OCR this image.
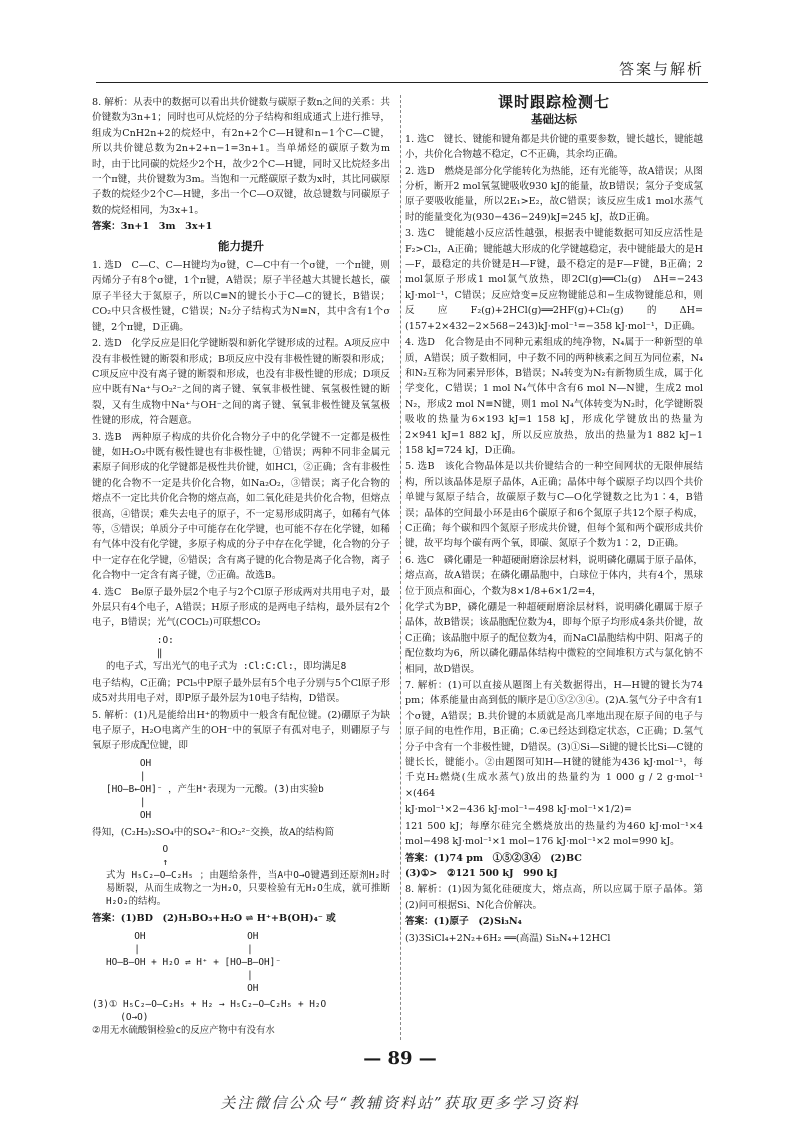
答案与解析

8. 解析：从表中的数据可以看出共价键数与碳原子数n之间的关系：共价键数为3n+1；同时也可从烷烃的分子结构和组成通式上进行推导，组成为CnH2n+2的烷烃中，有2n+2个C—H键和n−1个C—C键，所以共价键总数为2n+2+n−1=3n+1。当单烯烃的碳原子数为m时，由于比同碳的烷烃少2个H，故少2个C—H键，同时又比烷烃多出一个π键，共价键数为3m。当饱和一元醛碳原子数为x时，其比同碳原子数的烷烃少2个C—H键，多出一个C—O双键，故总键数与同碳原子数的烷烃相同，为3x+1。

答案：3n+1　3m　3x+1

能力提升

1. 选D　C—C、C—H键均为σ键，C—C中有一个σ键，一个π键，则丙烯分子有8个σ键，1个π键，A错误；原子半径越大其键长越长，碳原子半径大于氮原子，所以C≡N的键长小于C—C的键长，B错误；CO₂中只含极性键，C错误；N₂分子结构式为N≡N，其中含有1个σ键，2个π键，D正确。

2. 选D　化学反应是旧化学键断裂和新化学键形成的过程。A项反应中没有非极性键的断裂和形成；B项反应中没有非极性键的断裂和形成；C项反应中没有离子键的断裂和形成，也没有非极性键的形成；D项反应中既有Na⁺与O₂²⁻之间的离子键、氧氧非极性键、氧氢极性键的断裂，又有生成物中Na⁺与OH⁻之间的离子键、氧氧非极性键及氧氢极性键的形成，符合题意。

3. 选B　两种原子构成的共价化合物分子中的化学键不一定都是极性键，如H₂O₂中既有极性键也有非极性键，①错误；两种不同非金属元素原子间形成的化学键都是极性共价键，如HCl，②正确；含有非极性键的化合物不一定是共价化合物，如Na₂O₂，③错误；离子化合物的熔点不一定比共价化合物的熔点高，如二氧化硅是共价化合物，但熔点很高，④错误；难失去电子的原子，不一定易形成阴离子，如稀有气体等，⑤错误；单质分子中可能存在化学键，也可能不存在化学键，如稀有气体中没有化学键，多原子构成的分子中存在化学键，化合物的分子中一定存在化学键，⑥错误；含有离子键的化合物是离子化合物，离子化合物中一定含有离子键，⑦正确。故选B。

4. 选C　Be原子最外层2个电子与2个Cl原子形成两对共用电子对，最外层只有4个电子，A错误；H原子形成的是两电子结构，最外层有2个电子，B错误；光气(COCl₂)可联想CO₂

:O:
‖
的电子式，写出光气的电子式为 :Cl:C:Cl:，即均满足8

电子结构，C正确；PCl₅中P原子最外层有5个电子分别与5个Cl原子形成5对共用电子对，即P原子最外层为10电子结构，D错误。

5. 解析：(1)凡是能给出H⁺的物质中一般含有配位键。(2)硼原子为缺电子原子，H₂O电离产生的OH⁻中的氧原子有孤对电子，则硼原子与氧原子形成配位键，即

OH
|
[HO—B←OH]⁻ ，产生H⁺表现为一元酸。(3)由实验b
|
OH

得知，(C₂H₅)₂SO₄中的SO₄²⁻和O₂²⁻交换，故A的结构简

O
↑
式为 H₅C₂—O—C₂H₅ ；由题给条件，当A中O→O键遇到还原剂H₂时易断裂，从而生成物之一为H₂O，只要检验有无H₂O生成，就可推断H₂O₂的结构。

答案：(1)BD　(2)H₃BO₃+H₂O ⇌ H⁺+B(OH)₄⁻ 或

OH                  OH
|                   |
HO—B—OH + H₂O ⇌ H⁺ + [HO—B—OH]⁻
|
OH
(3)① H₅C₂—O—C₂H₅ + H₂ → H₅C₂—O—C₂H₅ + H₂O
(O→O)
②用无水硫酸铜检验c的反应产物中有没有水
课时跟踪检测七
基础达标

1. 选C　键长、键能和键角都是共价键的重要参数，键长越长，键能越小，共价化合物越不稳定，C不正确，其余均正确。

2. 选D　燃烧是部分化学能转化为热能，还有光能等，故A错误；从图分析，断开2 mol氧氢键吸收930 kJ的能量，故B错误；氢分子变成氢原子要吸收能量，所以2E₁>E₂，故C错误；该反应生成1 mol水蒸气时的能量变化为(930−436−249)kJ=245 kJ，故D正确。

3. 选C　键能越小反应活性越强，根据表中键能数据可知反应活性是F₂>Cl₂，A正确；键能越大形成的化学键越稳定，表中键能最大的是H—F，最稳定的共价键是H—F键，最不稳定的是F—F键，B正确；2 mol氯原子形成1 mol氯气放热，即2Cl(g)══Cl₂(g)　ΔH=−243 kJ·mol⁻¹，C错误；反应焓变=反应物键能总和−生成物键能总和，则反应F₂(g)+2HCl(g)══2HF(g)+Cl₂(g)的ΔH=(157+2×432−2×568−243)kJ·mol⁻¹=−358 kJ·mol⁻¹，D正确。

4. 选D　化合物是由不同种元素组成的纯净物，N₄属于一种新型的单质，A错误；质子数相同，中子数不同的两种核素之间互为同位素，N₄和N₂互称为同素异形体，B错误；N₄转变为N₂有新物质生成，属于化学变化，C错误；1 mol N₄气体中含有6 mol N—N键，生成2 mol N₂，形成2 mol N≡N键，则1 mol N₄气体转变为N₂时，化学键断裂吸收的热量为6×193 kJ=1 158 kJ，形成化学键放出的热量为2×941 kJ=1 882 kJ，所以反应放热，放出的热量为1 882 kJ−1 158 kJ=724 kJ，D正确。

5. 选B　该化合物晶体是以共价键结合的一种空间网状的无限伸展结构，所以该晶体是原子晶体，A正确；晶体中每个碳原子均以四个共价单键与氮原子结合，故碳原子数与C—O化学键数之比为1∶4，B错误；晶体的空间最小环是由6个碳原子和6个氮原子共12个原子构成，C正确；每个碳和四个氮原子形成共价键，但每个氮和两个碳形成共价键，故平均每个碳有两个氧，即碳、氮原子个数为1∶2，D正确。

6. 选C　磷化硼是一种超硬耐磨涂层材料，说明磷化硼属于原子晶体，熔点高，故A错误；在磷化硼晶胞中，白球位于体内，共有4个，黑球位于顶点和面心，个数为8×1/8+6×1/2=4，

化学式为BP，磷化硼是一种超硬耐磨涂层材料，说明磷化硼属于原子晶体，故B错误；该晶胞配位数为4，即每个原子均形成4条共价键，故C正确；该晶胞中原子的配位数为4，而NaCl晶胞结构中阴、阳离子的配位数均为6，所以磷化硼晶体结构中微粒的空间堆积方式与氯化钠不相同，故D错误。

7. 解析：(1)可以直接从题图上有关数据得出，H—H键的键长为74 pm；体系能量由高到低的顺序是①⑤②③④。(2)A.氢气分子中含有1个σ键，A错误；B.共价键的本质就是高几率地出现在原子间的电子与原子间的电性作用，B正确；C.④已经达到稳定状态，C正确；D.氢气分子中含有一个非极性键，D错误。(3)①Si—Si键的键长比Si—C键的键长长，键能小。②由题图可知H—H键的键能为436 kJ·mol⁻¹，每千克H₂燃烧(生成水蒸气)放出的热量约为 1 000 g / 2 g·mol⁻¹ ×(464

kJ·mol⁻¹×2−436 kJ·mol⁻¹−498 kJ·mol⁻¹×1/2)=

121 500 kJ；每摩尔硅完全燃烧放出的热量约为460 kJ·mol⁻¹×4 mol−498 kJ·mol⁻¹×1 mol−176 kJ·mol⁻¹×2 mol=990 kJ。

答案：(1)74 pm　①⑤②③④　(2)BC
(3)①>　②121 500 kJ　990 kJ

8. 解析：(1)因为氮化硅硬度大，熔点高，所以应属于原子晶体。第(2)问可根据Si、N化合价解决。

答案：(1)原子　(2)Si₃N₄

(3)3SiCl₄+2N₂+6H₂ ══(高温) Si₃N₄+12HCl

— 89 —
关注微信公众号“教辅资料站”获取更多学习资料
